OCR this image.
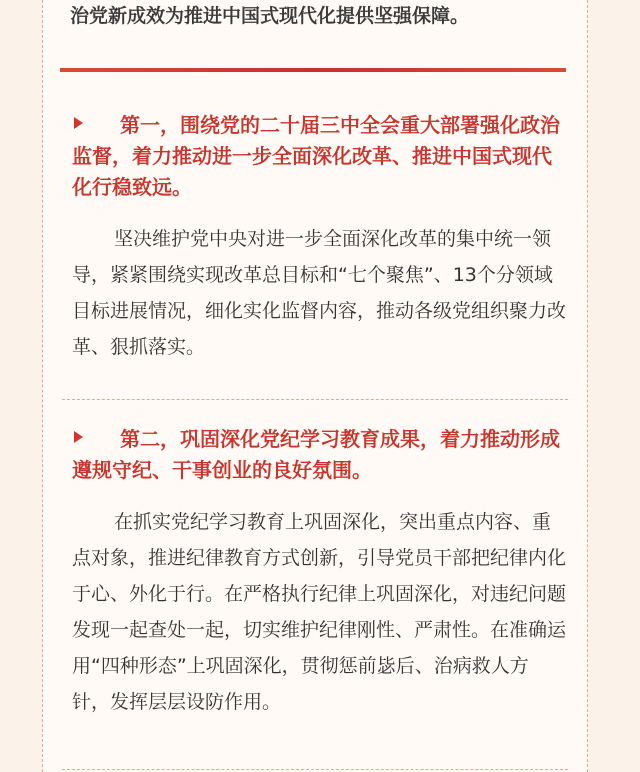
治党新成效为推进中国式现代化提供坚强保障。
第一，围绕党的二十届三中全会重大部署强化政治监督，着力推动进一步全面深化改革、推进中国式现代化行稳致远。
坚决维护党中央对进一步全面深化改革的集中统一领导，紧紧围绕实现改革总目标和“七个聚焦”、13个分领域目标进展情况，细化实化监督内容，推动各级党组织聚力改革、狠抓落实。
第二，巩固深化党纪学习教育成果，着力推动形成遵规守纪、干事创业的良好氛围。
在抓实党纪学习教育上巩固深化，突出重点内容、重点对象，推进纪律教育方式创新，引导党员干部把纪律内化于心、外化于行。在严格执行纪律上巩固深化，对违纪问题发现一起查处一起，切实维护纪律刚性、严肃性。在准确运用“四种形态”上巩固深化，贯彻惩前毖后、治病救人方针，发挥层层设防作用。
